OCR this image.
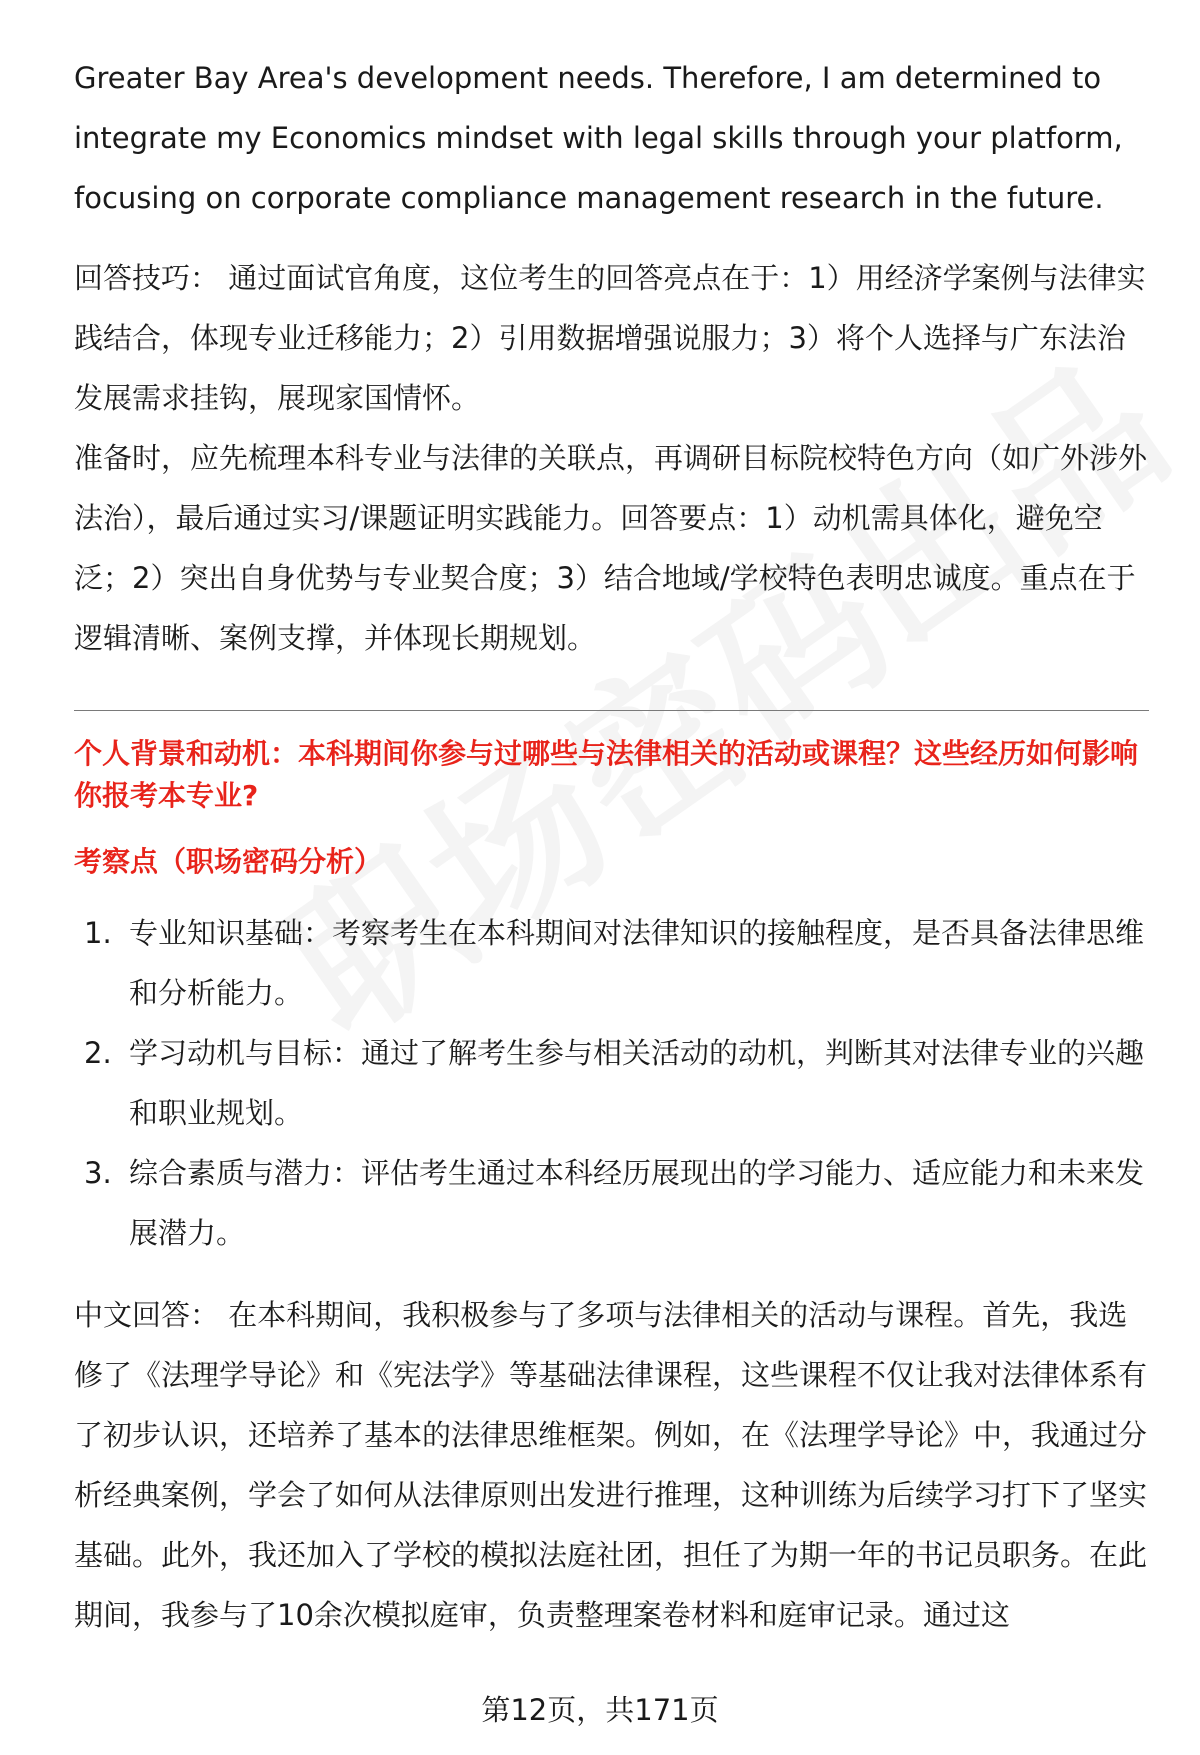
Greater Bay Area's development needs. Therefore, I am determined to integrate my Economics mindset with legal skills through your platform, focusing on corporate compliance management research in the future.

回答技巧： 通过面试官角度，这位考生的回答亮点在于：1）用经济学案例与法律实践结合，体现专业迁移能力；2）引用数据增强说服力；3）将个人选择与广东法治发展需求挂钩，展现家国情怀。

准备时，应先梳理本科专业与法律的关联点，再调研目标院校特色方向（如广外涉外法治），最后通过实习/课题证明实践能力。回答要点：1）动机需具体化，避免空泛；2）突出自身优势与专业契合度；3）结合地域/学校特色表明忠诚度。重点在于逻辑清晰、案例支撑，并体现长期规划。

个人背景和动机：本科期间你参与过哪些与法律相关的活动或课程？这些经历如何影响你报考本专业?

考察点（职场密码分析）

1. 专业知识基础：考察考生在本科期间对法律知识的接触程度，是否具备法律思维和分析能力。
2. 学习动机与目标：通过了解考生参与相关活动的动机，判断其对法律专业的兴趣和职业规划。
3. 综合素质与潜力：评估考生通过本科经历展现出的学习能力、适应能力和未来发展潜力。

中文回答： 在本科期间，我积极参与了多项与法律相关的活动与课程。首先，我选修了《法理学导论》和《宪法学》等基础法律课程，这些课程不仅让我对法律体系有了初步认识，还培养了基本的法律思维框架。例如，在《法理学导论》中，我通过分析经典案例，学会了如何从法律原则出发进行推理，这种训练为后续学习打下了坚实基础。此外，我还加入了学校的模拟法庭社团，担任了为期一年的书记员职务。在此期间，我参与了10余次模拟庭审，负责整理案卷材料和庭审记录。通过这

第12页，共171页
